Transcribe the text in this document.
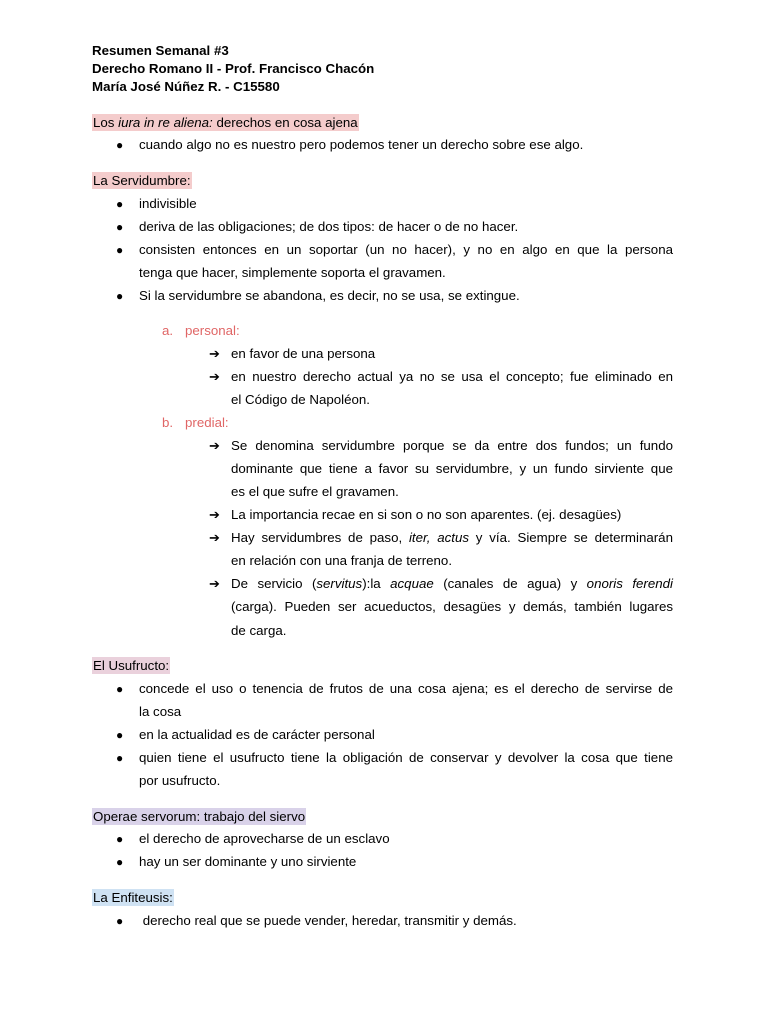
Resumen Semanal #3
Derecho Romano II - Prof. Francisco Chacón
María José Núñez R. - C15580
Los iura in re aliena: derechos en cosa ajena
● cuando algo no es nuestro pero podemos tener un derecho sobre ese algo.
La Servidumbre:
● indivisible
● deriva de las obligaciones; de dos tipos: de hacer o de no hacer.
● consisten entonces en un soportar (un no hacer), y no en algo en que la persona
tenga que hacer, simplemente soporta el gravamen.
● Si la servidumbre se abandona, es decir, no se usa, se extingue.
a. personal:
➔ en favor de una persona
➔ en nuestro derecho actual ya no se usa el concepto; fue eliminado en
el Código de Napoléon.
b. predial:
➔ Se denomina servidumbre porque se da entre dos fundos; un fundo
dominante que tiene a favor su servidumbre, y un fundo sirviente que
es el que sufre el gravamen.
➔ La importancia recae en si son o no son aparentes. (ej. desagües)
➔ Hay servidumbres de paso, iter, actus y vía. Siempre se determinarán
en relación con una franja de terreno.
➔ De servicio (servitus):la acquae (canales de agua) y onoris ferendi
(carga). Pueden ser acueductos, desagües y demás, también lugares
de carga.
El Usufructo:
● concede el uso o tenencia de frutos de una cosa ajena; es el derecho de servirse de
la cosa
● en la actualidad es de carácter personal
● quien tiene el usufructo tiene la obligación de conservar y devolver la cosa que tiene
por usufructo.
Operae servorum: trabajo del siervo
● el derecho de aprovecharse de un esclavo
● hay un ser dominante y uno sirviente
La Enfiteusis:
● derecho real que se puede vender, heredar, transmitir y demás.
